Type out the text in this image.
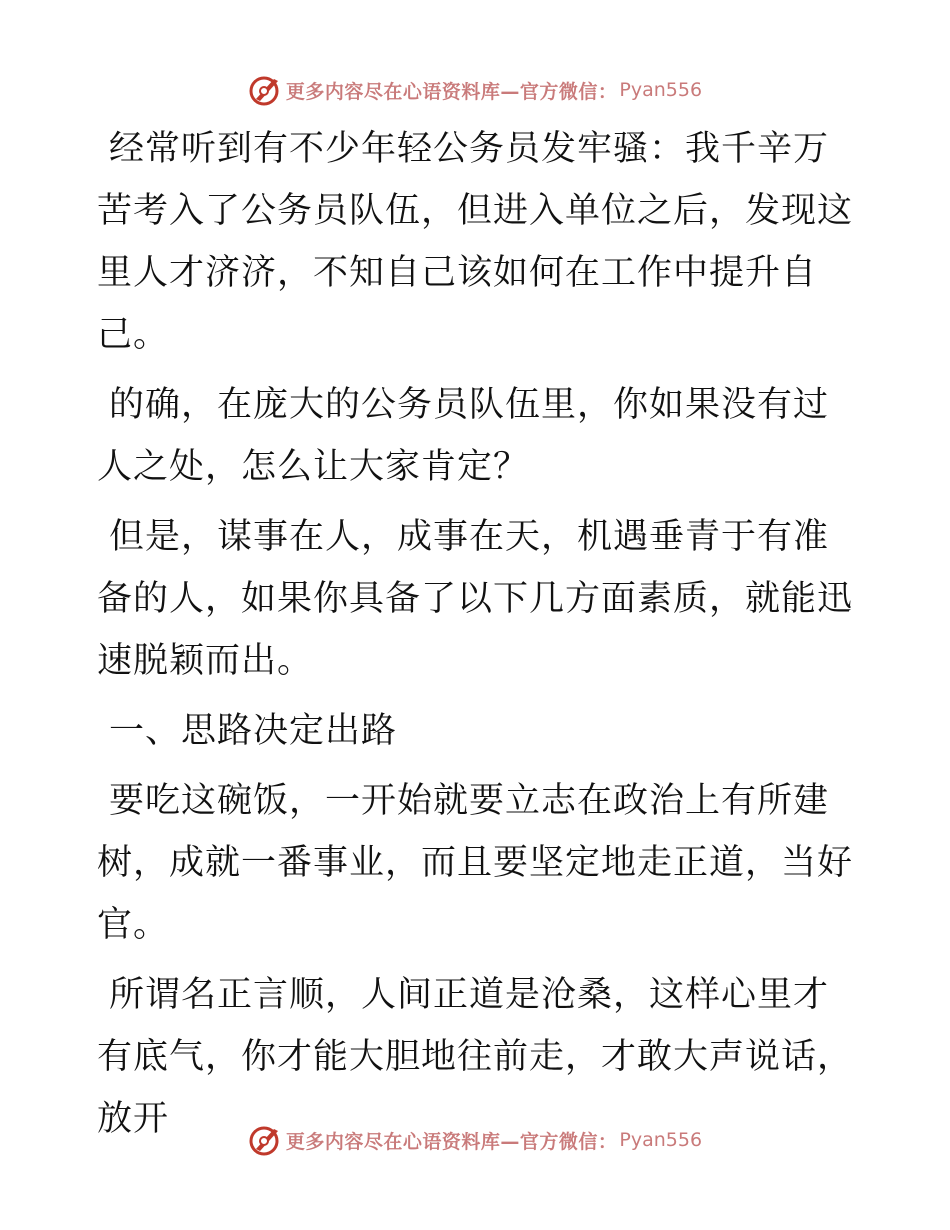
更多内容尽在心语资料库—官方微信： Pyan556

经常听到有不少年轻公务员发牢骚：我千辛万苦考入了公务员队伍，但进入单位之后，发现这里人才济济，不知自己该如何在工作中提升自己。

的确，在庞大的公务员队伍里，你如果没有过人之处，怎么让大家肯定？

但是，谋事在人，成事在天，机遇垂青于有准备的人，如果你具备了以下几方面素质，就能迅速脱颖而出。

一、思路决定出路

要吃这碗饭，一开始就要立志在政治上有所建树，成就一番事业，而且要坚定地走正道，当好官。

所谓名正言顺，人间正道是沧桑，这样心里才有底气，你才能大胆地往前走，才敢大声说话，放开

更多内容尽在心语资料库—官方微信： Pyan556
